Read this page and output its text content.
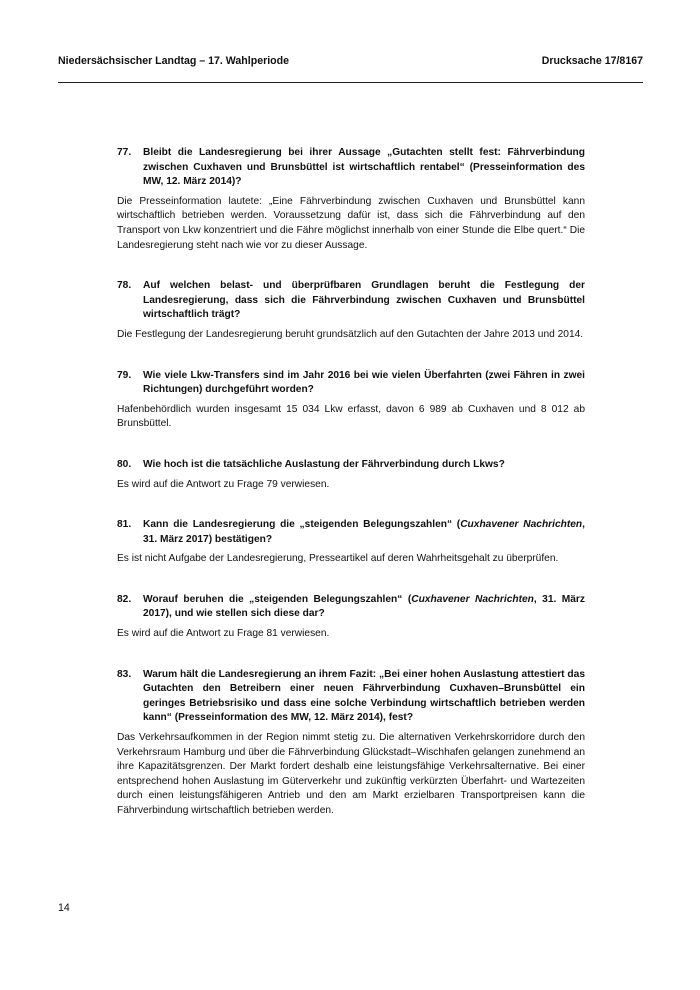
Niedersächsischer Landtag – 17. Wahlperiode	Drucksache 17/8167
77.	Bleibt die Landesregierung bei ihrer Aussage „Gutachten stellt fest: Fährverbindung zwischen Cuxhaven und Brunsbüttel ist wirtschaftlich rentabel“ (Presseinformation des MW, 12. März 2014)?
Die Presseinformation lautete: „Eine Fährverbindung zwischen Cuxhaven und Brunsbüttel kann wirtschaftlich betrieben werden. Voraussetzung dafür ist, dass sich die Fährverbindung auf den Transport von Lkw konzentriert und die Fähre möglichst innerhalb von einer Stunde die Elbe quert.“ Die Landesregierung steht nach wie vor zu dieser Aussage.
78.	Auf welchen belast- und überprüfbaren Grundlagen beruht die Festlegung der Landesregierung, dass sich die Fährverbindung zwischen Cuxhaven und Brunsbüttel wirtschaftlich trägt?
Die Festlegung der Landesregierung beruht grundsätzlich auf den Gutachten der Jahre 2013 und 2014.
79.	Wie viele Lkw-Transfers sind im Jahr 2016 bei wie vielen Überfahrten (zwei Fähren in zwei Richtungen) durchgeführt worden?
Hafenbehördlich wurden insgesamt 15 034 Lkw erfasst, davon 6 989 ab Cuxhaven und 8 012 ab Brunsbüttel.
80.	Wie hoch ist die tatsächliche Auslastung der Fährverbindung durch Lkws?
Es wird auf die Antwort zu Frage 79 verwiesen.
81.	Kann die Landesregierung die „steigenden Belegungszahlen“ (Cuxhavener Nachrichten, 31. März 2017) bestätigen?
Es ist nicht Aufgabe der Landesregierung, Presseartikel auf deren Wahrheitsgehalt zu überprüfen.
82.	Worauf beruhen die „steigenden Belegungszahlen“ (Cuxhavener Nachrichten, 31. März 2017), und wie stellen sich diese dar?
Es wird auf die Antwort zu Frage 81 verwiesen.
83.	Warum hält die Landesregierung an ihrem Fazit: „Bei einer hohen Auslastung attestiert das Gutachten den Betreibern einer neuen Fährverbindung Cuxhaven–Brunsbüttel ein geringes Betriebsrisiko und dass eine solche Verbindung wirtschaftlich betrieben werden kann“ (Presseinformation des MW, 12. März 2014), fest?
Das Verkehrsaufkommen in der Region nimmt stetig zu. Die alternativen Verkehrskorridore durch den Verkehrsraum Hamburg und über die Fährverbindung Glückstadt–Wischhafen gelangen zunehmend an ihre Kapazitätsgrenzen. Der Markt fordert deshalb eine leistungsfähige Verkehrsalternative. Bei einer entsprechend hohen Auslastung im Güterverkehr und zukünftig verkürzten Überfahrt- und Wartezeiten durch einen leistungsfähigeren Antrieb und den am Markt erzielbaren Transportpreisen kann die Fährverbindung wirtschaftlich betrieben werden.
14
